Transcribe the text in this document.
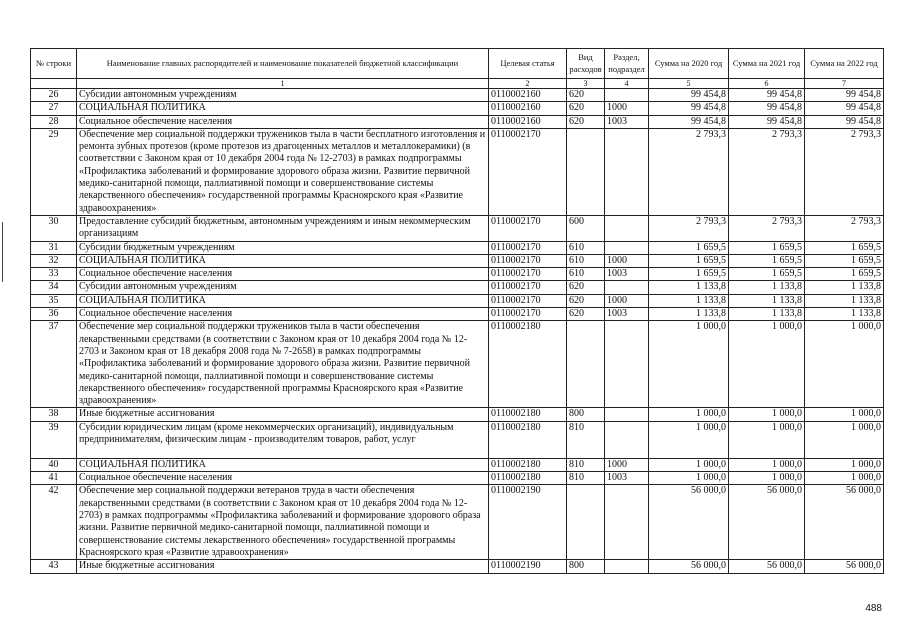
№ строки	Наименование главных распорядителей и наименование показателей бюджетной классификации	Целевая статья	Вид расходов	Раздел, подраздел	Сумма на 2020 год	Сумма на 2021 год	Сумма на 2022 год
	1	2	3	4	5	6	7
26	Субсидии автономным учреждениям	0110002160	620		99 454,8	99 454,8	99 454,8
27	СОЦИАЛЬНАЯ ПОЛИТИКА	0110002160	620	1000	99 454,8	99 454,8	99 454,8
28	Социальное обеспечение населения	0110002160	620	1003	99 454,8	99 454,8	99 454,8
29	Обеспечение мер социальной поддержки тружеников тыла в части бесплатного изготовления и ремонта зубных протезов (кроме протезов из драгоценных металлов и металлокерамики) (в соответствии с Законом края от 10 декабря 2004 года № 12-2703) в рамках подпрограммы «Профилактика заболеваний и формирование здорового образа жизни. Развитие первичной медико-санитарной помощи, паллиативной помощи и совершенствование системы лекарственного обеспечения» государственной программы Красноярского края «Развитие здравоохранения»	0110002170			2 793,3	2 793,3	2 793,3
30	Предоставление субсидий бюджетным, автономным учреждениям и иным некоммерческим организациям	0110002170	600		2 793,3	2 793,3	2 793,3
31	Субсидии бюджетным учреждениям	0110002170	610		1 659,5	1 659,5	1 659,5
32	СОЦИАЛЬНАЯ ПОЛИТИКА	0110002170	610	1000	1 659,5	1 659,5	1 659,5
33	Социальное обеспечение населения	0110002170	610	1003	1 659,5	1 659,5	1 659,5
34	Субсидии автономным учреждениям	0110002170	620		1 133,8	1 133,8	1 133,8
35	СОЦИАЛЬНАЯ ПОЛИТИКА	0110002170	620	1000	1 133,8	1 133,8	1 133,8
36	Социальное обеспечение населения	0110002170	620	1003	1 133,8	1 133,8	1 133,8
37	Обеспечение мер социальной поддержки тружеников тыла в части обеспечения лекарственными средствами (в соответствии с Законом края от 10 декабря 2004 года № 12-2703 и Законом края от 18 декабря 2008 года № 7-2658) в рамках подпрограммы «Профилактика заболеваний и формирование здорового образа жизни. Развитие первичной медико-санитарной помощи, паллиативной помощи и совершенствование системы лекарственного обеспечения» государственной программы Красноярского края «Развитие здравоохранения»	0110002180			1 000,0	1 000,0	1 000,0
38	Иные бюджетные ассигнования	0110002180	800		1 000,0	1 000,0	1 000,0
39	Субсидии юридическим лицам (кроме некоммерческих организаций), индивидуальным предпринимателям, физическим лицам - производителям товаров, работ, услуг	0110002180	810		1 000,0	1 000,0	1 000,0
40	СОЦИАЛЬНАЯ ПОЛИТИКА	0110002180	810	1000	1 000,0	1 000,0	1 000,0
41	Социальное обеспечение населения	0110002180	810	1003	1 000,0	1 000,0	1 000,0
42	Обеспечение мер социальной поддержки ветеранов труда в части обеспечения лекарственными средствами (в соответствии с Законом края от 10 декабря 2004 года № 12-2703) в рамках подпрограммы «Профилактика заболеваний и формирование здорового образа жизни. Развитие первичной медико-санитарной помощи, паллиативной помощи и совершенствование системы лекарственного обеспечения» государственной программы Красноярского края «Развитие здравоохранения»	0110002190			56 000,0	56 000,0	56 000,0
43	Иные бюджетные ассигнования	0110002190	800		56 000,0	56 000,0	56 000,0
488
